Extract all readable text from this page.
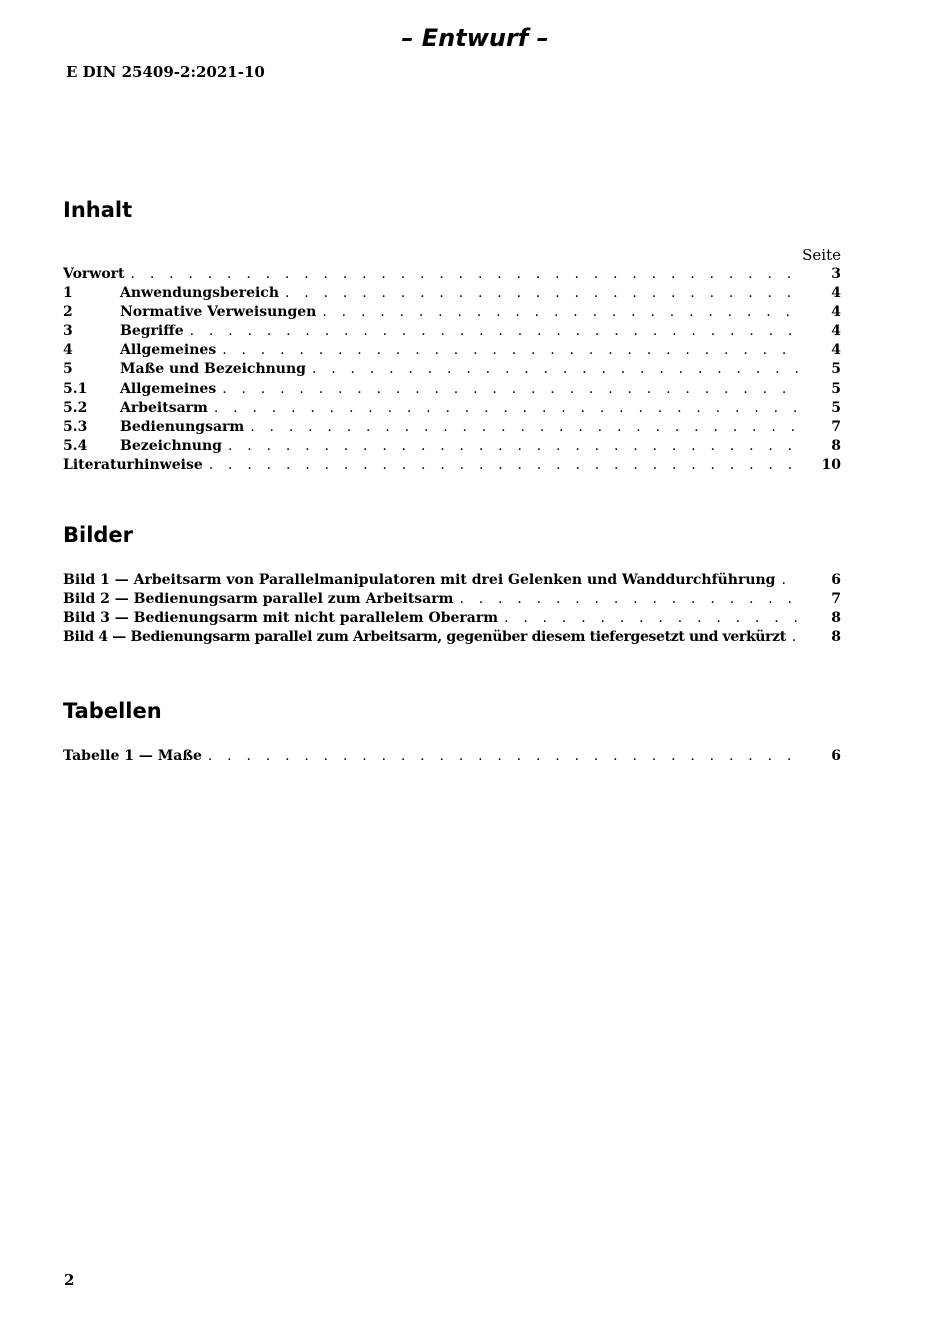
– Entwurf –
E DIN 25409-2:2021-10
Inhalt
Seite
Vorwort . . .	3
1	Anwendungsbereich . . .	4
2	Normative Verweisungen . . .	4
3	Begriffe . . .	4
4	Allgemeines . . .	4
5	Maße und Bezeichnung . . .	5
5.1	Allgemeines . . .	5
5.2	Arbeitsarm . . .	5
5.3	Bedienungsarm . . .	7
5.4	Bezeichnung . . .	8
Literaturhinweise . . .	10
Bilder
Bild 1 — Arbeitsarm von Parallelmanipulatoren mit drei Gelenken und Wanddurchführung . . .	6
Bild 2 — Bedienungsarm parallel zum Arbeitsarm . . .	7
Bild 3 — Bedienungsarm mit nicht parallelem Oberarm . . .	8
Bild 4 — Bedienungsarm parallel zum Arbeitsarm, gegenüber diesem tiefergesetzt und verkürzt . . .	8
Tabellen
Tabelle 1 — Maße . . .	6
2
